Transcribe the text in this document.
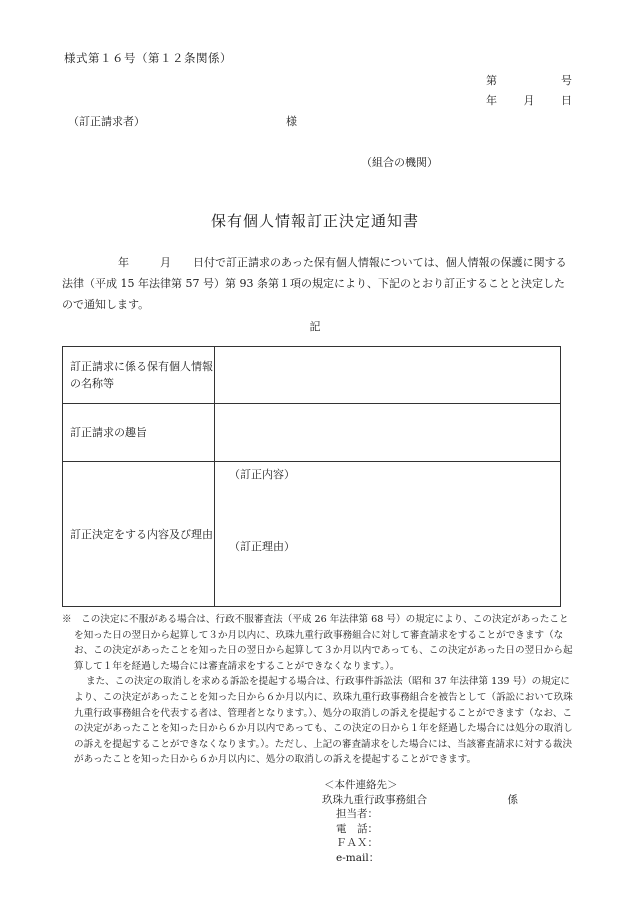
様式第１６号（第１２条関係）
第	号
年 月 日
（訂正請求者）	様
（組合の機関）
保有個人情報訂正決定通知書
年	月 日付で訂正請求のあった保有個人情報については、個人情報の保護に関する法律（平成 15 年法律第 57 号）第 93 条第１項の規定により、下記のとおり訂正することと決定したので通知します。
記
訂正請求に係る保有個人情報の名称等	
訂正請求の趣旨	
訂正決定をする内容及び理由	（訂正内容）
（訂正理由）

※　この決定に不服がある場合は、行政不服審査法（平成 26 年法律第 68 号）の規定により、この決定があったことを知った日の翌日から起算して３か月以内に、玖珠九重行政事務組合に対して審査請求をすることができます（なお、この決定があったことを知った日の翌日から起算して３か月以内であっても、この決定があった日の翌日から起算して１年を経過した場合には審査請求をすることができなくなります。）。

また、この決定の取消しを求める訴訟を提起する場合は、行政事件訴訟法（昭和 37 年法律第 139 号）の規定により、この決定があったことを知った日から６か月以内に、玖珠九重行政事務組合を被告として（訴訟において玖珠九重行政事務組合を代表する者は、管理者となります。）、処分の取消しの訴えを提起することができます（なお、この決定があったことを知った日から６か月以内であっても、この決定の日から１年を経過した場合には処分の取消しの訴えを提起することができなくなります。）。ただし、上記の審査請求をした場合には、当該審査請求に対する裁決があったことを知った日から６か月以内に、処分の取消しの訴えを提起することができます。

＜本件連絡先＞
玖珠九重行政事務組合	係
担当者：
電　話：
ＦＡＸ：
e-mail：
